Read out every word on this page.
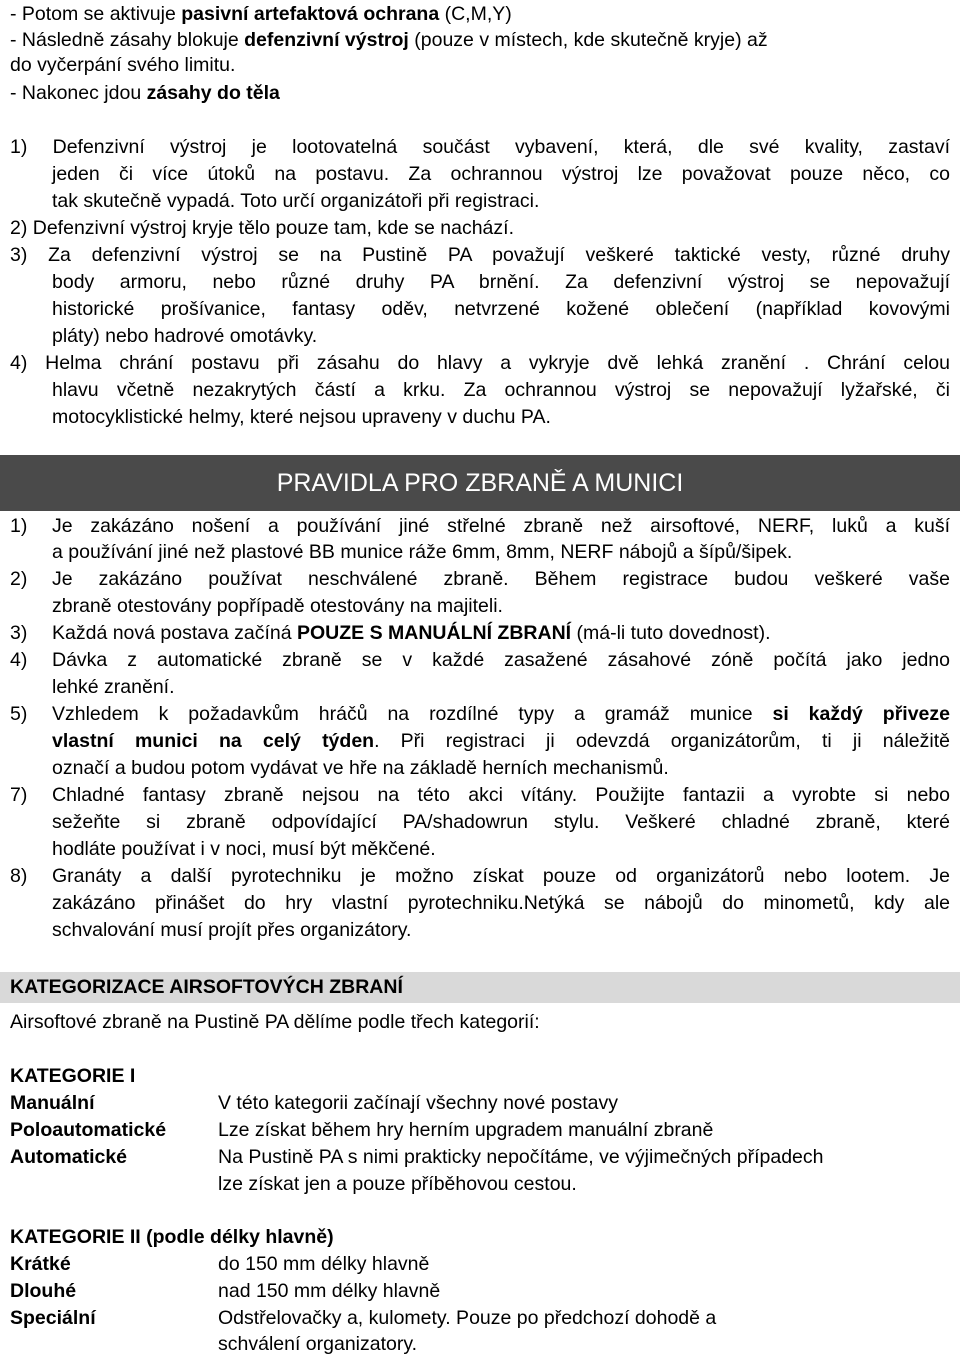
- Potom se aktivuje pasivní artefaktová ochrana (C,M,Y)
- Následně zásahy blokuje defenzivní výstroj (pouze v místech, kde skutečně kryje) až
do vyčerpání svého limitu.
- Nakonec jdou zásahy do těla
1) Defenzivní výstroj je lootovatelná součást vybavení, která, dle své kvality, zastaví
jeden či více útoků na postavu. Za ochrannou výstroj lze považovat pouze něco, co
tak skutečně vypadá. Toto určí organizátoři při registraci.
2) Defenzivní výstroj kryje tělo pouze tam, kde se nachází.
3) Za defenzivní výstroj se na Pustině PA považují veškeré taktické vesty, různé druhy
body armoru, nebo různé druhy PA brnění. Za defenzivní výstroj se nepovažují
historické prošívanice, fantasy oděv, netvrzené kožené oblečení (například kovovými
pláty) nebo hadrové omotávky.
4) Helma chrání postavu při zásahu do hlavy a vykryje dvě lehká zranění . Chrání celou
hlavu včetně nezakrytých částí a krku. Za ochrannou výstroj se nepovažují lyžařské, či
motocyklistické helmy, které nejsou upraveny v duchu PA.
PRAVIDLA PRO ZBRANĚ A MUNICI
1) Je zakázáno nošení a používání jiné střelné zbraně než airsoftové, NERF, luků a kuší
a používání jiné než plastové BB munice ráže 6mm, 8mm, NERF nábojů a šípů/šipek.
2) Je zakázáno používat neschválené zbraně. Během registrace budou veškeré vaše
zbraně otestovány popřípadě otestovány na majiteli.
3) Každá nová postava začíná POUZE S MANUÁLNÍ ZBRANÍ (má-li tuto dovednost).
4) Dávka z automatické zbraně se v každé zasažené zásahové zóně počítá jako jedno
lehké zranění.
5) Vzhledem k požadavkům hráčů na rozdílné typy a gramáž munice si každý přiveze
vlastní munici na celý týden. Při registraci ji odevzdá organizátorům, ti ji náležitě
označí a budou potom vydávat ve hře na základě herních mechanismů.
7) Chladné fantasy zbraně nejsou na této akci vítány. Použijte fantazii a vyrobte si nebo
sežeňte si zbraně odpovídající PA/shadowrun stylu. Veškeré chladné zbraně, které
hodláte používat i v noci, musí být měkčené.
8) Granáty a další pyrotechniku je možno získat pouze od organizátorů nebo lootem. Je
zakázáno přinášet do hry vlastní pyrotechniku.Netýká se nábojů do minometů, kdy ale
schvalování musí projít přes organizátory.
KATEGORIZACE AIRSOFTOVÝCH ZBRANÍ
Airsoftové zbraně na Pustině PA dělíme podle třech kategorií:
KATEGORIE I
Manuální	V této kategorii začínají všechny nové postavy
Poloautomatické	Lze získat během hry herním upgradem manuální zbraně
Automatické	Na Pustině PA s nimi prakticky nepočítáme, ve výjimečných případech
lze získat jen a pouze příběhovou cestou.
KATEGORIE II (podle délky hlavně)
Krátké	do 150 mm délky hlavně
Dlouhé	nad 150 mm délky hlavně
Speciální	Odstřelovačky a, kulomety. Pouze po předchozí dohodě a
schválení organizatory.
